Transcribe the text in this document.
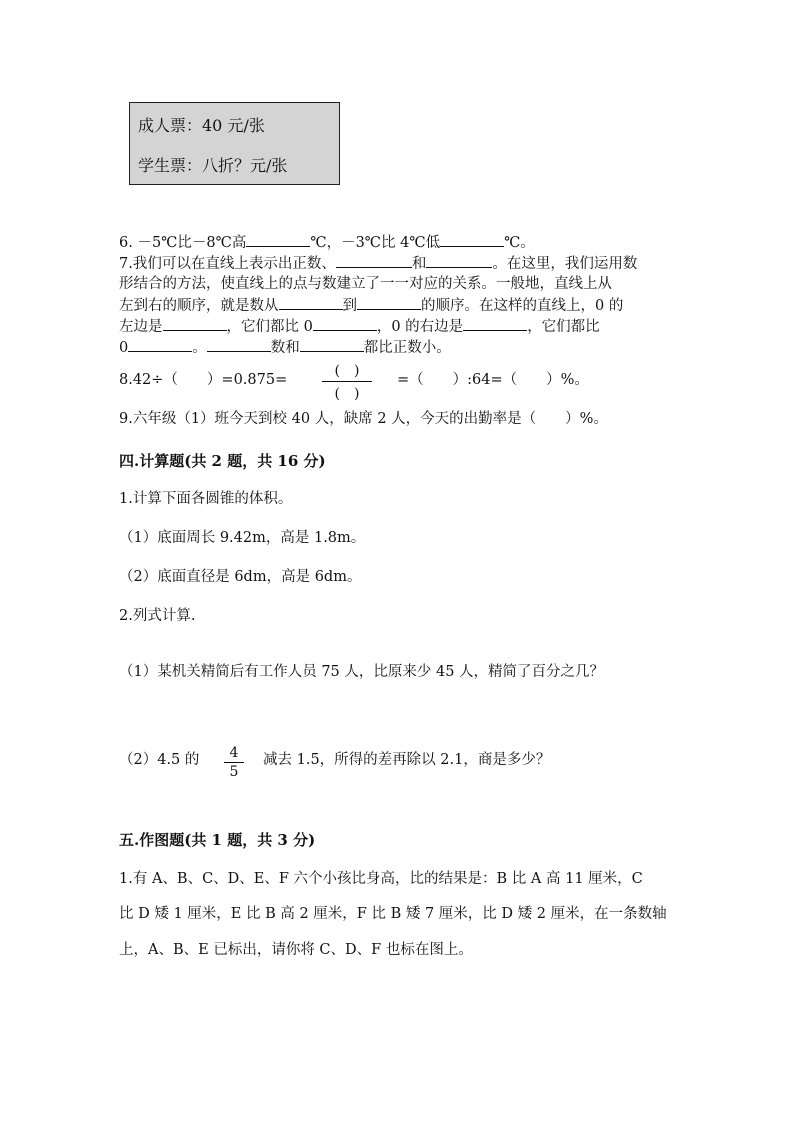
成人票：40 元/张
学生票：八折？元/张
6. －5℃比－8℃高	℃，－3℃比 4℃低	℃。
7.我们可以在直线上表示出正数、	和	。在这里，我们运用数
形结合的方法，使直线上的点与数建立了一一对应的关系。一般地，直线上从
左到右的顺序，就是数从	到	的顺序。在这样的直线上，0 的
左边是	，它们都比 0	，0 的右边是	，它们都比
0	。	数和	都比正数小。
8.42÷（　　）=0.875=
(　)
(　)
=（　　）:64=（　　）%。
9.六年级（1）班今天到校 40 人，缺席 2 人，今天的出勤率是（　　）%。
四.计算题(共 2 题，共 16 分)
1.计算下面各圆锥的体积。
（1）底面周长 9.42m，高是 1.8m。
（2）底面直径是 6dm，高是 6dm。
2.列式计算.
（1）某机关精简后有工作人员 75 人，比原来少 45 人，精简了百分之几？
（2）4.5 的	4
5
减去 1.5，所得的差再除以 2.1，商是多少？
五.作图题(共 1 题，共 3 分)
1.有 A、B、C、D、E、F 六个小孩比身高，比的结果是：B 比 A 高 11 厘米，C
比 D 矮 1 厘米，E 比 B 高 2 厘米，F 比 B 矮 7 厘米，比 D 矮 2 厘米，在一条数轴
上，A、B、E 已标出，请你将 C、D、F 也标在图上。
